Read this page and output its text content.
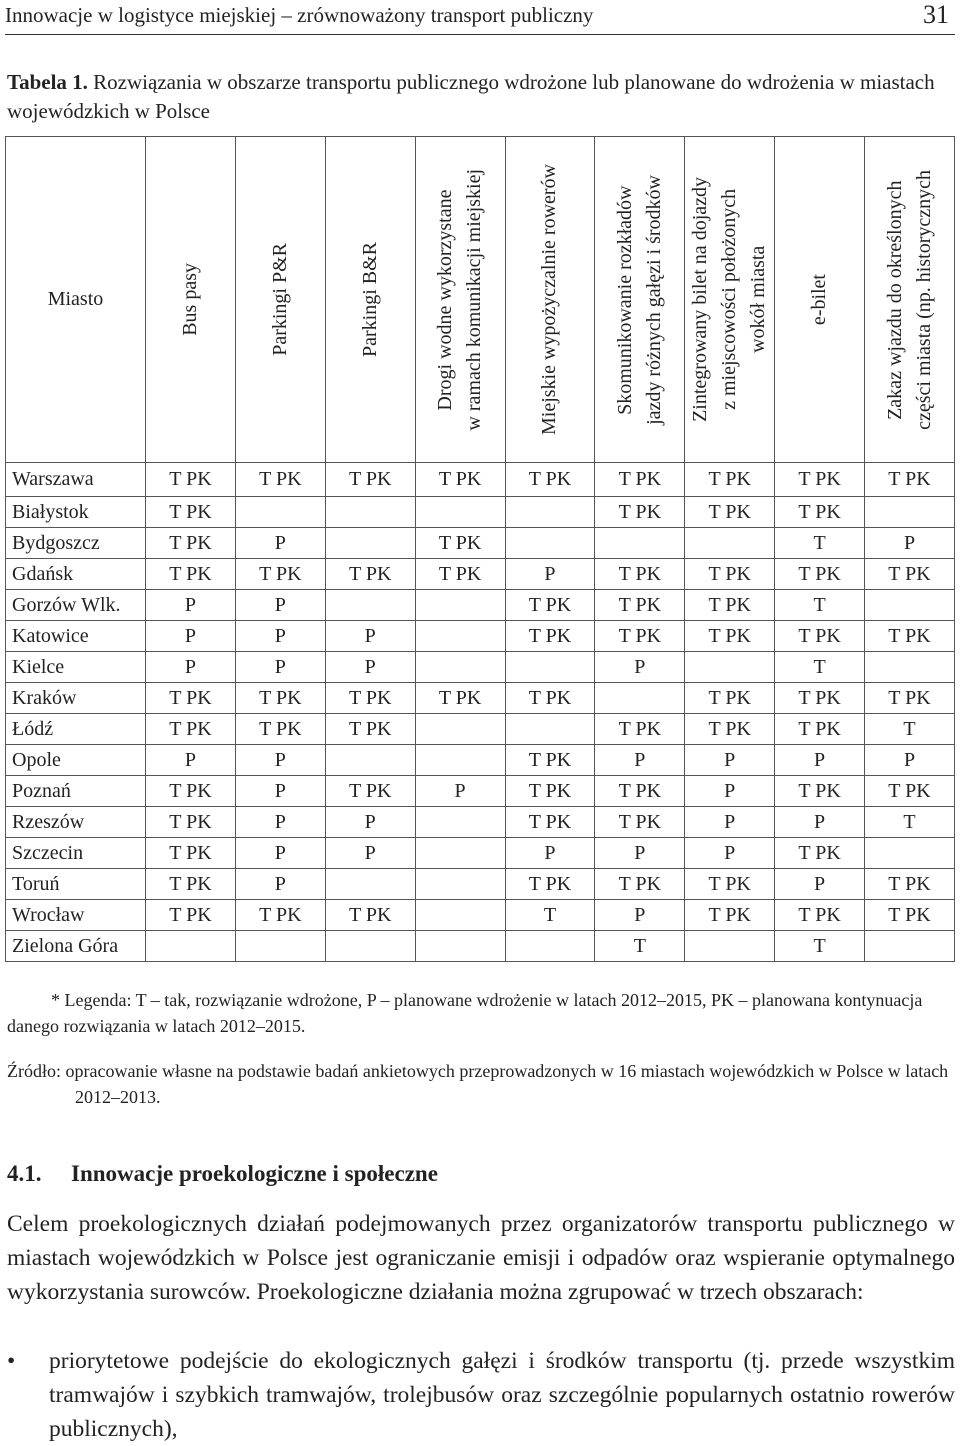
Innowacje w logistyce miejskiej – zrównoważony transport publiczny	31
Tabela 1. Rozwiązania w obszarze transportu publicznego wdrożone lub planowane do wdrożenia w miastach wojewódzkich w Polsce
Miasto	Bus pasy	Parkingi P&R	Parkingi B&R	Drogi wodne wykorzystane
w ramach komunikacji miejskiej	Miejskie wypożyczalnie rowerów	Skomunikowanie rozkładów
jazdy różnych gałęzi i środków	Zintegrowany bilet na dojazdy
z miejscowości położonych
wokół miasta	e-bilet	Zakaz wjazdu do określonych
części miasta (np. historycznych

Warszawa	T PK	T PK	T PK	T PK	T PK	T PK	T PK	T PK	T PK
Białystok	T PK					T PK	T PK	T PK	
Bydgoszcz	T PK	P		T PK				T	P
Gdańsk	T PK	T PK	T PK	T PK	P	T PK	T PK	T PK	T PK
Gorzów Wlk.	P	P			T PK	T PK	T PK	T	
Katowice	P	P	P		T PK	T PK	T PK	T PK	T PK
Kielce	P	P	P			P		T	
Kraków	T PK	T PK	T PK	T PK	T PK		T PK	T PK	T PK
Łódź	T PK	T PK	T PK			T PK	T PK	T PK	T
Opole	P	P			T PK	P	P	P	P
Poznań	T PK	P	T PK	P	T PK	T PK	P	T PK	T PK
Rzeszów	T PK	P	P		T PK	T PK	P	P	T
Szczecin	T PK	P	P		P	P	P	T PK	
Toruń	T PK	P			T PK	T PK	T PK	P	T PK
Wrocław	T PK	T PK	T PK		T	P	T PK	T PK	T PK
Zielona Góra						T		T	
* Legenda: T – tak, rozwiązanie wdrożone, P – planowane wdrożenie w latach 2012–2015, PK – planowana kontynuacja danego rozwiązania w latach 2012–2015.
Źródło: opracowanie własne na podstawie badań ankietowych przeprowadzonych w 16 miastach wojewódzkich w Polsce w latach 2012–2013.
4.1. Innowacje proekologiczne i społeczne
Celem proekologicznych działań podejmowanych przez organizatorów transportu publicznego w miastach wojewódzkich w Polsce jest ograniczanie emisji i odpadów oraz wspieranie optymalnego wykorzystania surowców. Proekologiczne działania można zgrupować w trzech obszarach:
• priorytetowe podejście do ekologicznych gałęzi i środków transportu (tj. przede wszystkim tramwajów i szybkich tramwajów, trolejbusów oraz szczególnie popularnych ostatnio rowerów publicznych),
